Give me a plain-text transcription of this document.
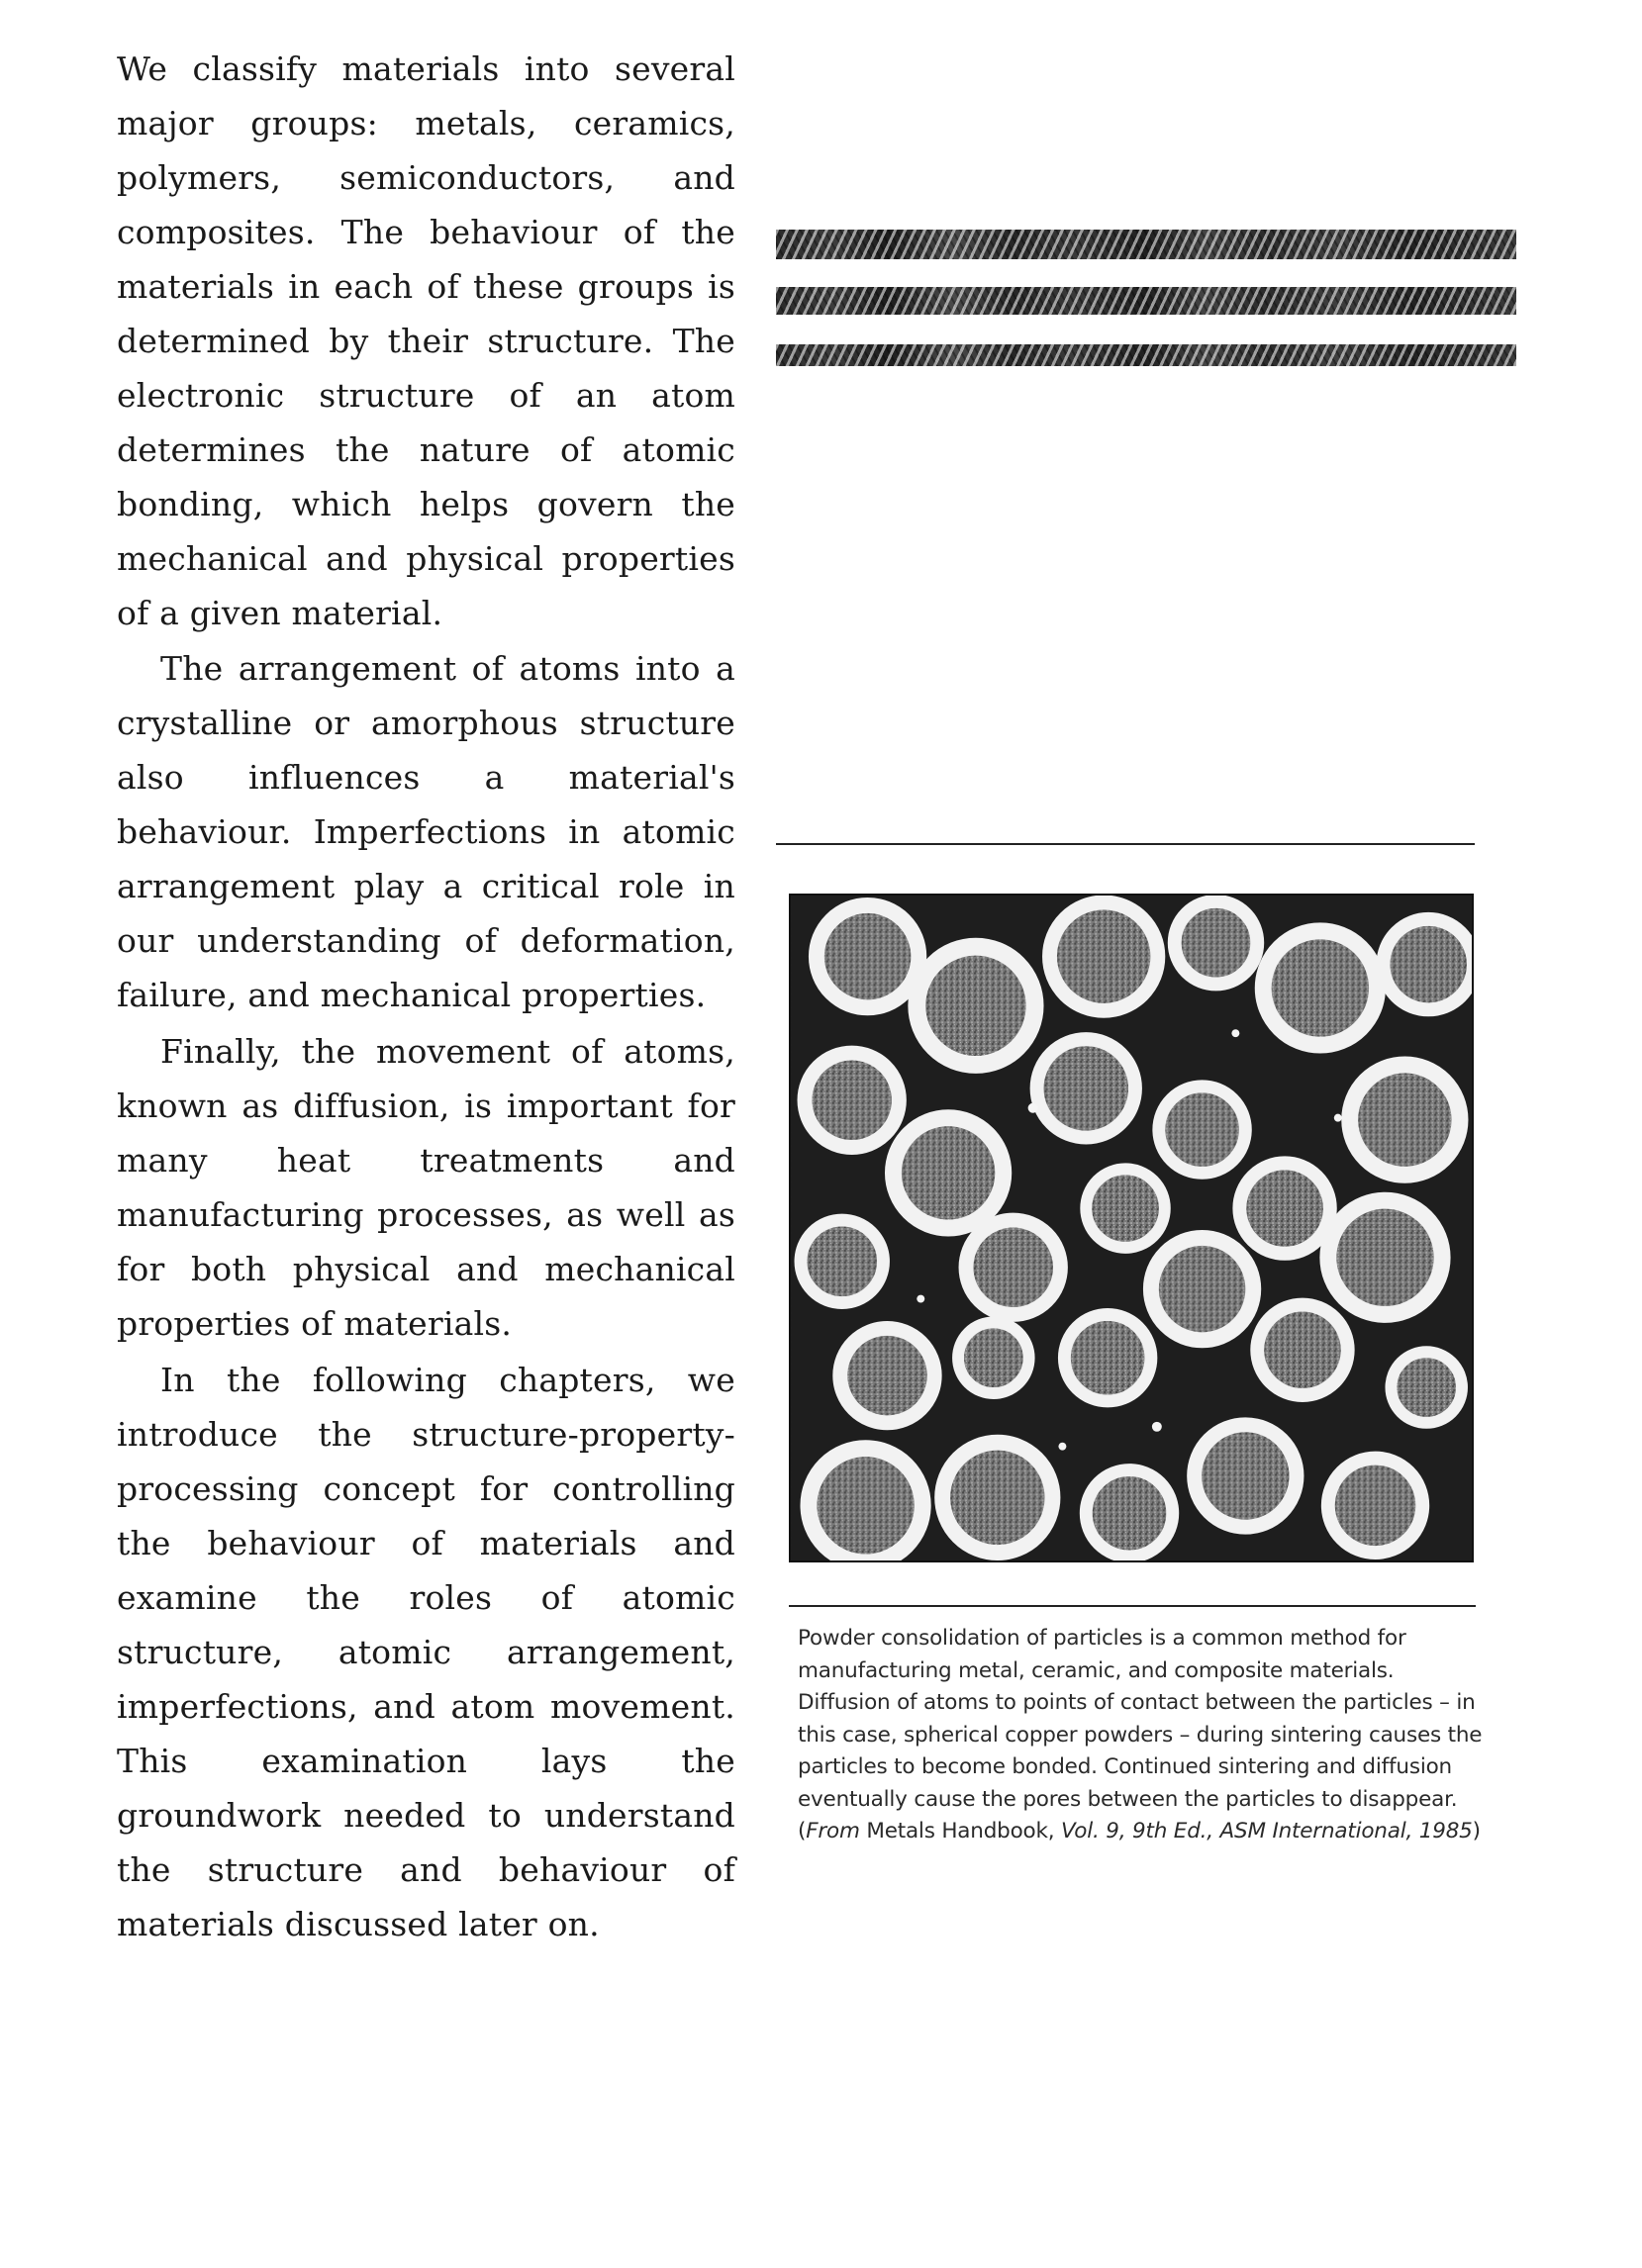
We classify materials into several major groups: metals, ceramics, polymers, semiconductors, and composites. The behaviour of the materials in each of these groups is determined by their structure. The electronic structure of an atom determines the nature of atomic bonding, which helps govern the mechanical and physical properties of a given material.

The arrangement of atoms into a crystalline or amorphous structure also influences a material's behaviour. Imperfections in atomic arrangement play a critical role in our understanding of deformation, failure, and mechanical properties.

Finally, the movement of atoms, known as diffusion, is important for many heat treatments and manufacturing processes, as well as for both physical and mechanical properties of materials.

In the following chapters, we introduce the structure-property-processing concept for controlling the behaviour of materials and examine the roles of atomic structure, atomic arrangement, imperfections, and atom movement. This examination lays the groundwork needed to understand the structure and behaviour of materials discussed later on.

Powder consolidation of particles is a common method for manufacturing metal, ceramic, and composite materials. Diffusion of atoms to points of contact between the particles – in this case, spherical copper powders – during sintering causes the particles to become bonded. Continued sintering and diffusion eventually cause the pores between the particles to disappear. (From Metals Handbook, Vol. 9, 9th Ed., ASM International, 1985)
